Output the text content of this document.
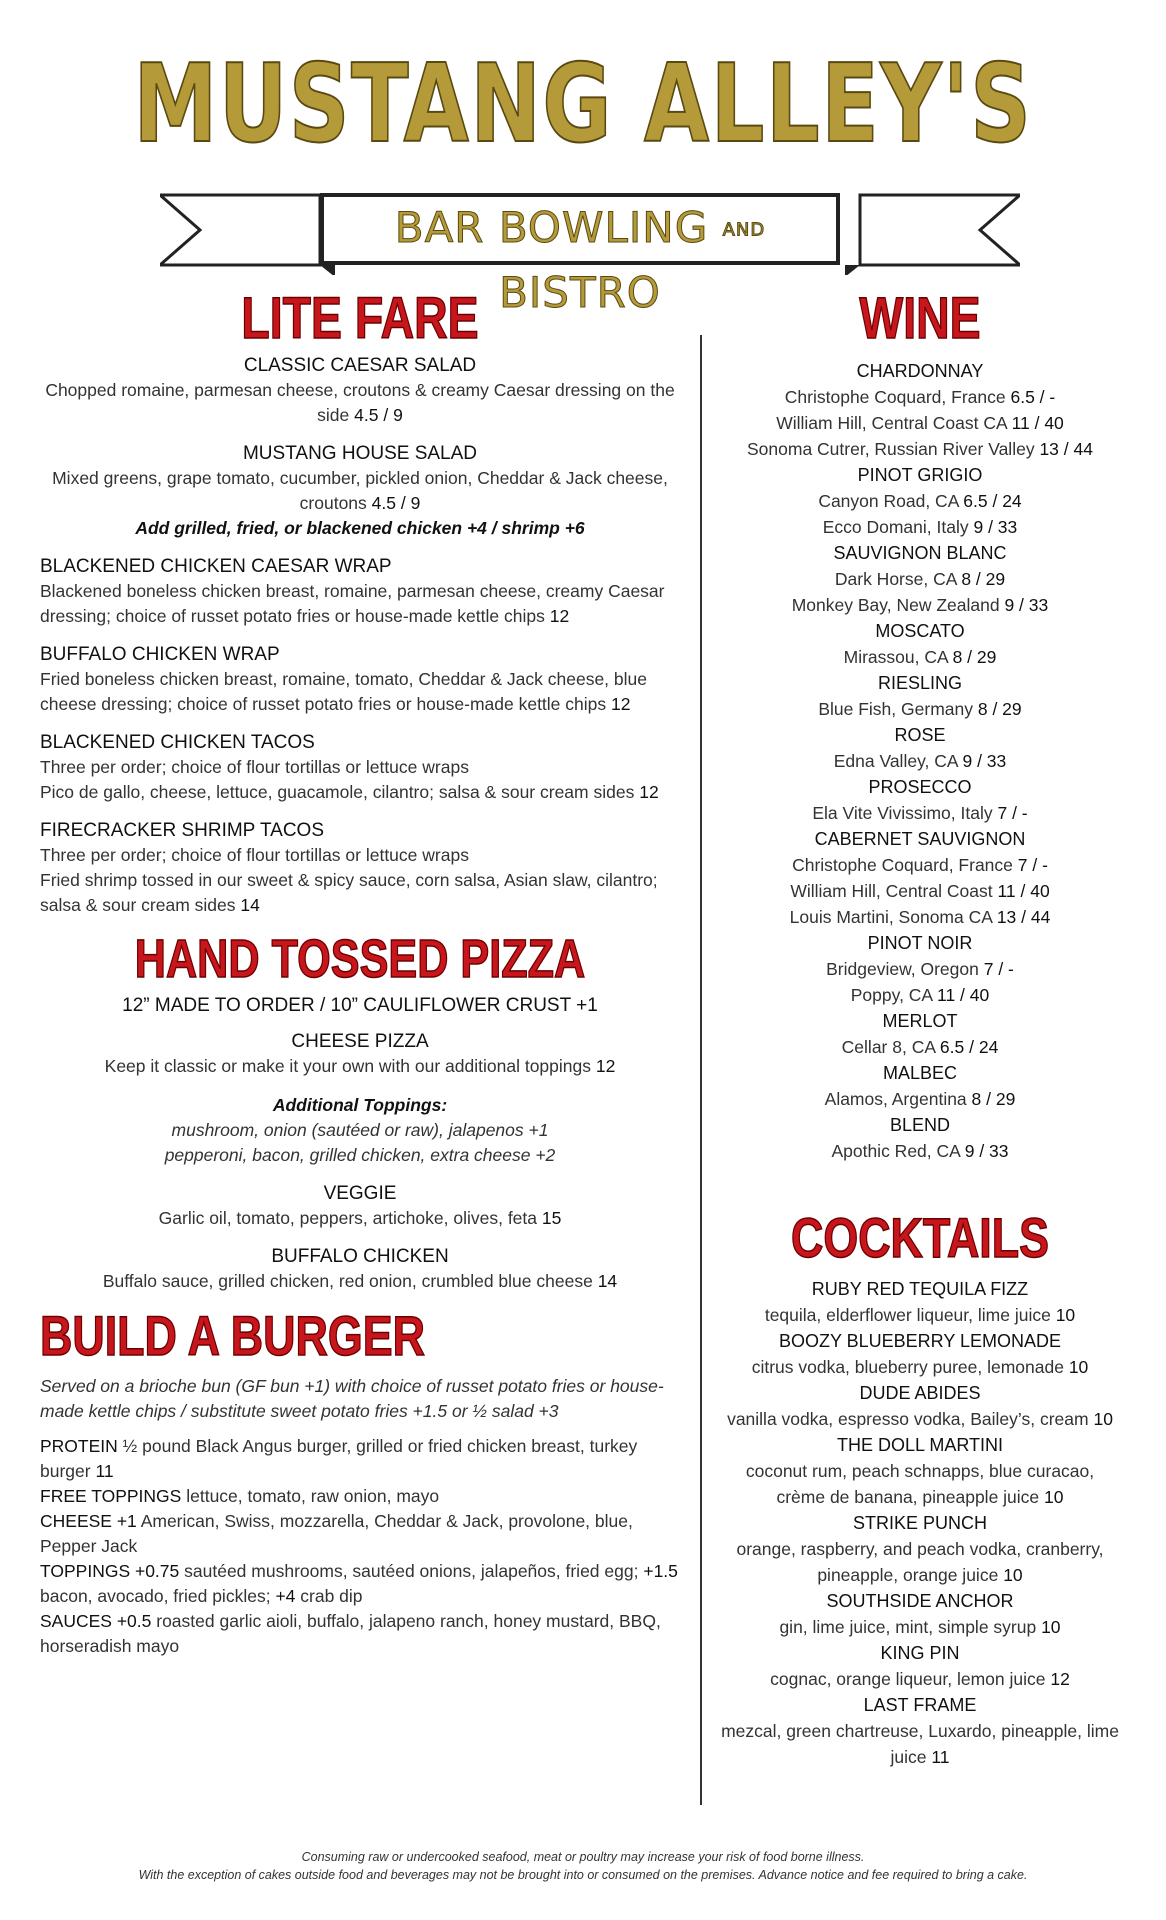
MUSTANG ALLEY'S
BAR BOWLING AND BISTRO
LITE FARE

CLASSIC CAESAR SALAD

Chopped romaine, parmesan cheese, croutons & creamy Caesar dressing on the side 4.5 / 9

MUSTANG HOUSE SALAD

Mixed greens, grape tomato, cucumber, pickled onion, Cheddar & Jack cheese, croutons 4.5 / 9

Add grilled, fried, or blackened chicken +4 / shrimp +6

BLACKENED CHICKEN CAESAR WRAP

Blackened boneless chicken breast, romaine, parmesan cheese, creamy Caesar dressing; choice of russet potato fries or house-made kettle chips 12

BUFFALO CHICKEN WRAP

Fried boneless chicken breast, romaine, tomato, Cheddar & Jack cheese, blue cheese dressing; choice of russet potato fries or house-made kettle chips 12

BLACKENED CHICKEN TACOS

Three per order; choice of flour tortillas or lettuce wraps

Pico de gallo, cheese, lettuce, guacamole, cilantro; salsa & sour cream sides 12

FIRECRACKER SHRIMP TACOS

Three per order; choice of flour tortillas or lettuce wraps

Fried shrimp tossed in our sweet & spicy sauce, corn salsa, Asian slaw, cilantro; salsa & sour cream sides 14

HAND TOSSED PIZZA

12” MADE TO ORDER / 10” CAULIFLOWER CRUST +1

CHEESE PIZZA

Keep it classic or make it your own with our additional toppings 12

Additional Toppings:

mushroom, onion (sautéed or raw), jalapenos +1

pepperoni, bacon, grilled chicken, extra cheese +2

VEGGIE

Garlic oil, tomato, peppers, artichoke, olives, feta 15

BUFFALO CHICKEN

Buffalo sauce, grilled chicken, red onion, crumbled blue cheese 14

BUILD A BURGER

Served on a brioche bun (GF bun +1) with choice of russet potato fries or house-made kettle chips / substitute sweet potato fries +1.5 or ½ salad +3

PROTEIN ½ pound Black Angus burger, grilled or fried chicken breast, turkey burger 11

FREE TOPPINGS lettuce, tomato, raw onion, mayo

CHEESE +1 American, Swiss, mozzarella, Cheddar & Jack, provolone, blue, Pepper Jack

TOPPINGS +0.75 sautéed mushrooms, sautéed onions, jalapeños, fried egg; +1.5 bacon, avocado, fried pickles; +4 crab dip

SAUCES +0.5 roasted garlic aioli, buffalo, jalapeno ranch, honey mustard, BBQ, horseradish mayo

WINE

CHARDONNAY

Christophe Coquard, France 6.5 / -

William Hill, Central Coast CA 11 / 40

Sonoma Cutrer, Russian River Valley 13 / 44

PINOT GRIGIO

Canyon Road, CA 6.5 / 24

Ecco Domani, Italy 9 / 33

SAUVIGNON BLANC

Dark Horse, CA 8 / 29

Monkey Bay, New Zealand 9 / 33

MOSCATO

Mirassou, CA 8 / 29

RIESLING

Blue Fish, Germany 8 / 29

ROSE

Edna Valley, CA 9 / 33

PROSECCO

Ela Vite Vivissimo, Italy 7 / -

CABERNET SAUVIGNON

Christophe Coquard, France 7 / -

William Hill, Central Coast 11 / 40

Louis Martini, Sonoma CA 13 / 44

PINOT NOIR

Bridgeview, Oregon 7 / -

Poppy, CA 11 / 40

MERLOT

Cellar 8, CA 6.5 / 24

MALBEC

Alamos, Argentina 8 / 29

BLEND

Apothic Red, CA 9 / 33

COCKTAILS

RUBY RED TEQUILA FIZZ

tequila, elderflower liqueur, lime juice 10

BOOZY BLUEBERRY LEMONADE

citrus vodka, blueberry puree, lemonade 10

DUDE ABIDES

vanilla vodka, espresso vodka, Bailey’s, cream 10

THE DOLL MARTINI

coconut rum, peach schnapps, blue curacao, crème de banana, pineapple juice 10

STRIKE PUNCH

orange, raspberry, and peach vodka, cranberry, pineapple, orange juice 10

SOUTHSIDE ANCHOR

gin, lime juice, mint, simple syrup 10

KING PIN

cognac, orange liqueur, lemon juice 12

LAST FRAME

mezcal, green chartreuse, Luxardo, pineapple, lime juice 11

Consuming raw or undercooked seafood, meat or poultry may increase your risk of food borne illness.
With the exception of cakes outside food and beverages may not be brought into or consumed on the premises. Advance notice and fee required to bring a cake.
